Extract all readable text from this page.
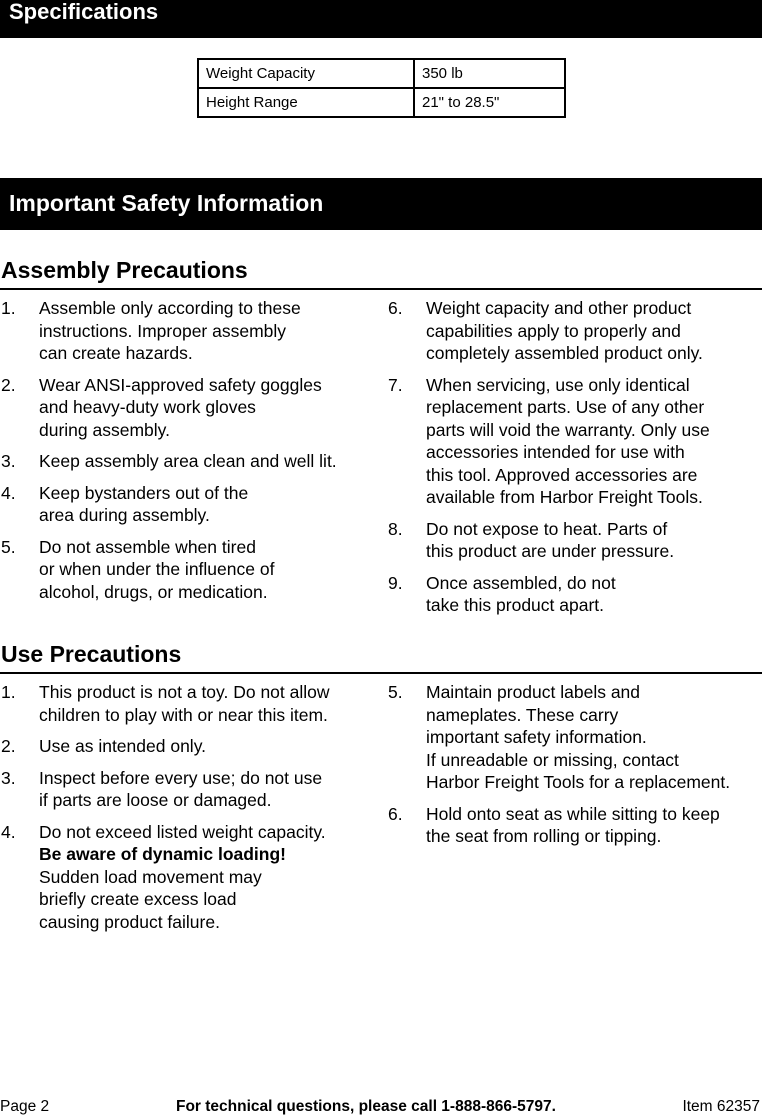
Specifications
Weight Capacity	350 lb
Height Range	21" to 28.5"
Important Safety Information
Assembly Precautions
1. Assemble only according to these
instructions. Improper assembly
can create hazards.
2. Wear ANSI-approved safety goggles
and heavy-duty work gloves
during assembly.
3. Keep assembly area clean and well lit.
4. Keep bystanders out of the
area during assembly.
5. Do not assemble when tired
or when under the influence of
alcohol, drugs, or medication.
6. Weight capacity and other product
capabilities apply to properly and
completely assembled product only.
7. When servicing, use only identical
replacement parts. Use of any other
parts will void the warranty. Only use
accessories intended for use with
this tool. Approved accessories are
available from Harbor Freight Tools.
8. Do not expose to heat. Parts of
this product are under pressure.
9. Once assembled, do not
take this product apart.
Use Precautions
1. This product is not a toy. Do not allow
children to play with or near this item.
2. Use as intended only.
3. Inspect before every use; do not use
if parts are loose or damaged.
4. Do not exceed listed weight capacity.
Be aware of dynamic loading!
Sudden load movement may
briefly create excess load
causing product failure.
5. Maintain product labels and
nameplates. These carry
important safety information.
If unreadable or missing, contact
Harbor Freight Tools for a replacement.
6. Hold onto seat as while sitting to keep
the seat from rolling or tipping.
Page 2	For technical questions, please call 1-888-866-5797.	Item 62357
